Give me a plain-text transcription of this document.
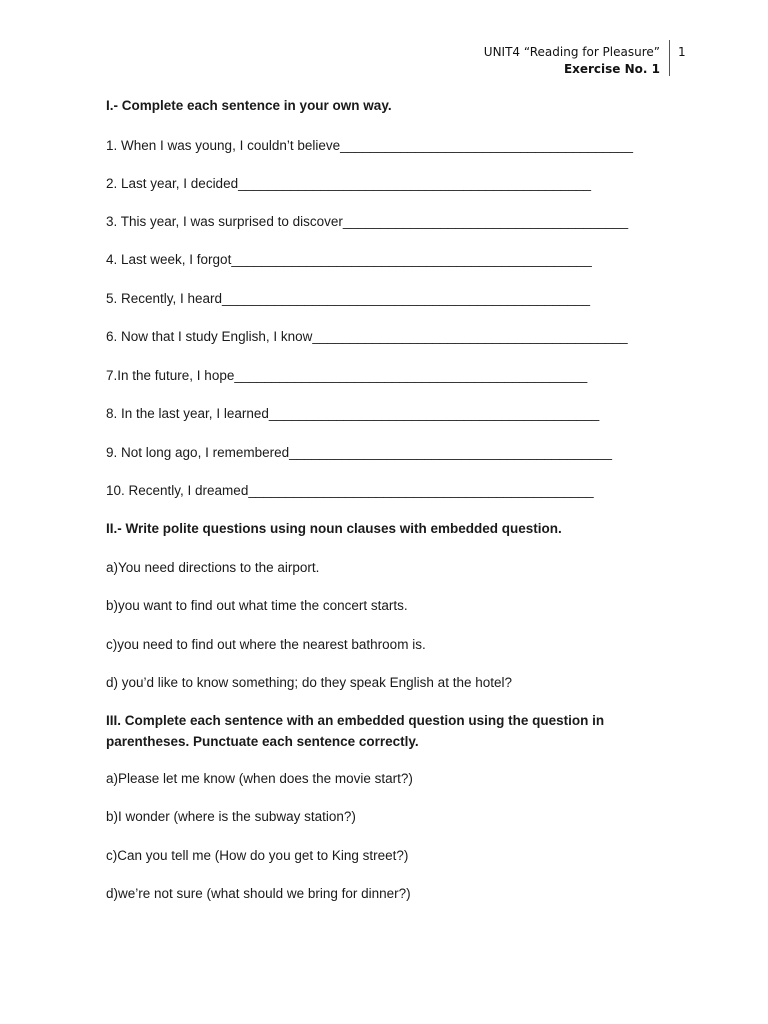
UNIT4 “Reading for Pleasure”
Exercise No. 1
1
I.- Complete each sentence in your own way.
1. When I was young, I couldn’t believe_______________________________________
2. Last year, I decided_______________________________________________
3. This year, I was surprised to discover______________________________________
4. Last week, I forgot________________________________________________
5. Recently, I heard_________________________________________________
6. Now that I study English, I know__________________________________________
7.In the future, I hope_______________________________________________
8. In the last year, I learned____________________________________________
9. Not long ago, I remembered___________________________________________
10. Recently, I dreamed______________________________________________
II.- Write polite questions using noun clauses with embedded question.
a)You need directions to the airport.
b)you want to find out what time the concert starts.
c)you need to find out where the nearest bathroom is.
d) you’d like to know something; do they speak English at the hotel?
III. Complete each sentence with an embedded question using the question in parentheses. Punctuate each sentence correctly.
a)Please let me know (when does the movie start?)
b)I wonder (where is the subway station?)
c)Can you tell me (How do you get to King street?)
d)we’re not sure (what should we bring for dinner?)
